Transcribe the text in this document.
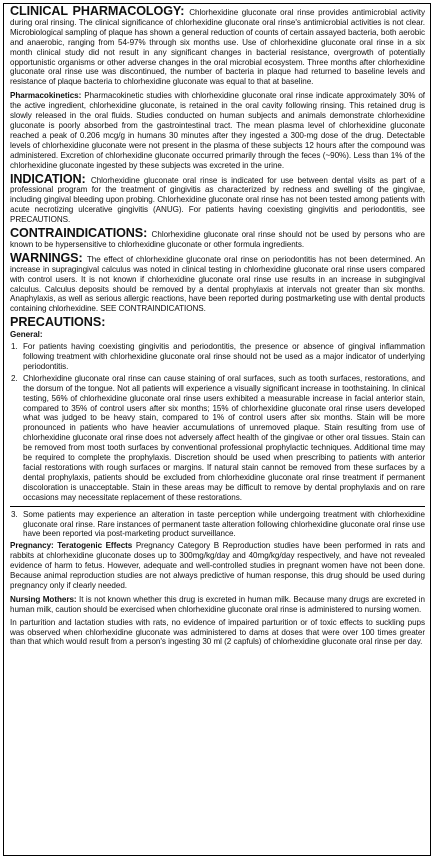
CLINICAL PHARMACOLOGY: Chlorhexidine gluconate oral rinse provides antimicrobial activity during oral rinsing. The clinical significance of chlorhexidine gluconate oral rinse's antimicrobial activities is not clear. Microbiological sampling of plaque has shown a general reduction of counts of certain assayed bacteria, both aerobic and anaerobic, ranging from 54-97% through six months use. Use of chlorhexidine gluconate oral rinse in a six month clinical study did not result in any significant changes in bacterial resistance, overgrowth of potentially opportunistic organisms or other adverse changes in the oral microbial ecosystem. Three months after chlorhexidine gluconate oral rinse use was discontinued, the number of bacteria in plaque had returned to baseline levels and resistance of plaque bacteria to chlorhexidine gluconate was equal to that at baseline.

Pharmacokinetics: Pharmacokinetic studies with chlorhexidine gluconate oral rinse indicate approximately 30% of the active ingredient, chlorhexidine gluconate, is retained in the oral cavity following rinsing. This retained drug is slowly released in the oral fluids. Studies conducted on human subjects and animals demonstrate chlorhexidine gluconate is poorly absorbed from the gastrointestinal tract. The mean plasma level of chlorhexidine gluconate reached a peak of 0.206 mcg/g in humans 30 minutes after they ingested a 300-mg dose of the drug. Detectable levels of chlorhexidine gluconate were not present in the plasma of these subjects 12 hours after the compound was administered. Excretion of chlorhexidine gluconate occurred primarily through the feces (~90%). Less than 1% of the chlorhexidine gluconate ingested by these subjects was excreted in the urine.

INDICATION: Chlorhexidine gluconate oral rinse is indicated for use between dental visits as part of a professional program for the treatment of gingivitis as characterized by redness and swelling of the gingivae, including gingival bleeding upon probing. Chlorhexidine gluconate oral rinse has not been tested among patients with acute necrotizing ulcerative gingivitis (ANUG). For patients having coexisting gingivitis and periodontitis, see PRECAUTIONS.

CONTRAINDICATIONS: Chlorhexidine gluconate oral rinse should not be used by persons who are known to be hypersensitive to chlorhexidine gluconate or other formula ingredients.

WARNINGS: The effect of chlorhexidine gluconate oral rinse on periodontitis has not been determined. An increase in supragingival calculus was noted in clinical testing in chlorhexidine gluconate oral rinse users compared with control users. It is not known if chlorhexidine gluconate oral rinse use results in an increase in subgingival calculus. Calculus deposits should be removed by a dental prophylaxis at intervals not greater than six months. Anaphylaxis, as well as serious allergic reactions, have been reported during postmarketing use with dental products containing chlorhexidine. SEE CONTRAINDICATIONS.

PRECAUTIONS:
General:
1. For patients having coexisting gingivitis and periodontitis, the presence or absence of gingival inflammation following treatment with chlorhexidine gluconate oral rinse should not be used as a major indicator of underlying periodontitis.
2. Chlorhexidine gluconate oral rinse can cause staining of oral surfaces, such as tooth surfaces, restorations, and the dorsum of the tongue. Not all patients will experience a visually significant increase in toothstaining. In clinical testing, 56% of chlorhexidine gluconate oral rinse users exhibited a measurable increase in facial anterior stain, compared to 35% of control users after six months; 15% of chlorhexidine gluconate oral rinse users developed what was judged to be heavy stain, compared to 1% of control users after six months. Stain will be more pronounced in patients who have heavier accumulations of unremoved plaque. Stain resulting from use of chlorhexidine gluconate oral rinse does not adversely affect health of the gingivae or other oral tissues. Stain can be removed from most tooth surfaces by conventional professional prophylactic techniques. Additional time may be required to complete the prophylaxis. Discretion should be used when prescribing to patients with anterior facial restorations with rough surfaces or margins. If natural stain cannot be removed from these surfaces by a dental prophylaxis, patients should be excluded from chlorhexidine gluconate oral rinse treatment if permanent discoloration is unacceptable. Stain in these areas may be difficult to remove by dental prophylaxis and on rare occasions may necessitate replacement of these restorations.
3. Some patients may experience an alteration in taste perception while undergoing treatment with chlorhexidine gluconate oral rinse. Rare instances of permanent taste alteration following chlorhexidine gluconate oral rinse use have been reported via post-marketing product surveillance.

Pregnancy: Teratogenic Effects Pregnancy Category B Reproduction studies have been performed in rats and rabbits at chlorhexidine gluconate doses up to 300mg/kg/day and 40mg/kg/day respectively, and have not revealed evidence of harm to fetus. However, adequate and well-controlled studies in pregnant women have not been done. Because animal reproduction studies are not always predictive of human response, this drug should be used during pregnancy only if clearly needed.

Nursing Mothers: It is not known whether this drug is excreted in human milk. Because many drugs are excreted in human milk, caution should be exercised when chlorhexidine gluconate oral rinse is administered to nursing women.

In parturition and lactation studies with rats, no evidence of impaired parturition or of toxic effects to suckling pups was observed when chlorhexidine gluconate was administered to dams at doses that were over 100 times greater than that which would result from a person's ingesting 30 ml (2 capfuls) of chlorhexidine gluconate oral rinse per day.
